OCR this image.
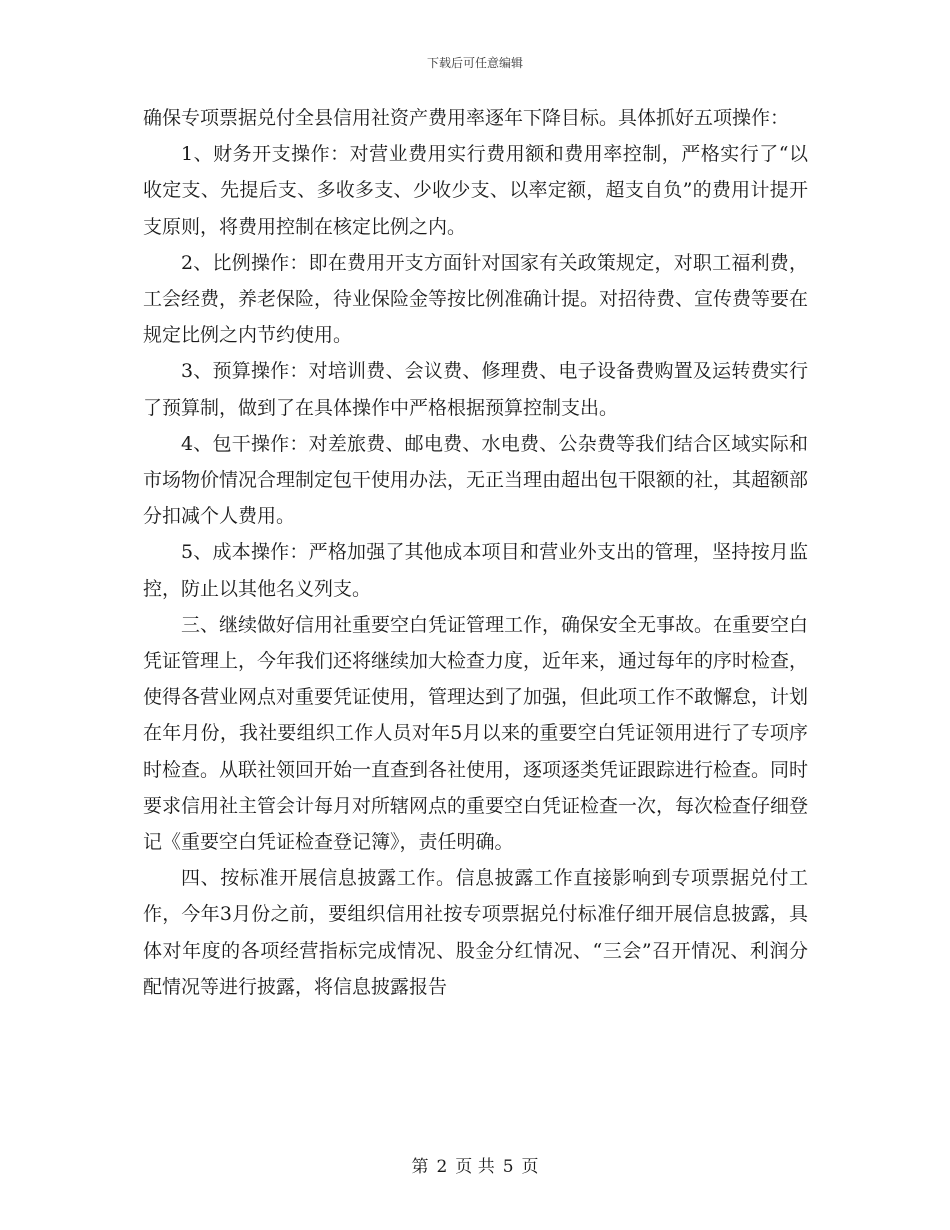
下载后可任意编辑

确保专项票据兑付全县信用社资产费用率逐年下降目标。具体抓好五项操作：

1、财务开支操作：对营业费用实行费用额和费用率控制，严格实行了“以收定支、先提后支、多收多支、少收少支、以率定额，超支自负”的费用计提开支原则，将费用控制在核定比例之内。

2、比例操作：即在费用开支方面针对国家有关政策规定，对职工福利费，工会经费，养老保险，待业保险金等按比例准确计提。对招待费、宣传费等要在规定比例之内节约使用。

3、预算操作：对培训费、会议费、修理费、电子设备费购置及运转费实行了预算制，做到了在具体操作中严格根据预算控制支出。

4、包干操作：对差旅费、邮电费、水电费、公杂费等我们结合区域实际和市场物价情况合理制定包干使用办法，无正当理由超出包干限额的社，其超额部分扣减个人费用。

5、成本操作：严格加强了其他成本项目和营业外支出的管理，坚持按月监控，防止以其他名义列支。

三、继续做好信用社重要空白凭证管理工作，确保安全无事故。在重要空白凭证管理上，今年我们还将继续加大检查力度，近年来，通过每年的序时检查，使得各营业网点对重要凭证使用，管理达到了加强，但此项工作不敢懈怠，计划在年月份，我社要组织工作人员对年5月以来的重要空白凭证领用进行了专项序时检查。从联社领回开始一直查到各社使用，逐项逐类凭证跟踪进行检查。同时要求信用社主管会计每月对所辖网点的重要空白凭证检查一次，每次检查仔细登记《重要空白凭证检查登记簿》，责任明确。

四、按标准开展信息披露工作。信息披露工作直接影响到专项票据兑付工作，今年3月份之前，要组织信用社按专项票据兑付标准仔细开展信息披露，具体对年度的各项经营指标完成情况、股金分红情况、“三会”召开情况、利润分配情况等进行披露，将信息披露报告

第 2 页 共 5 页
